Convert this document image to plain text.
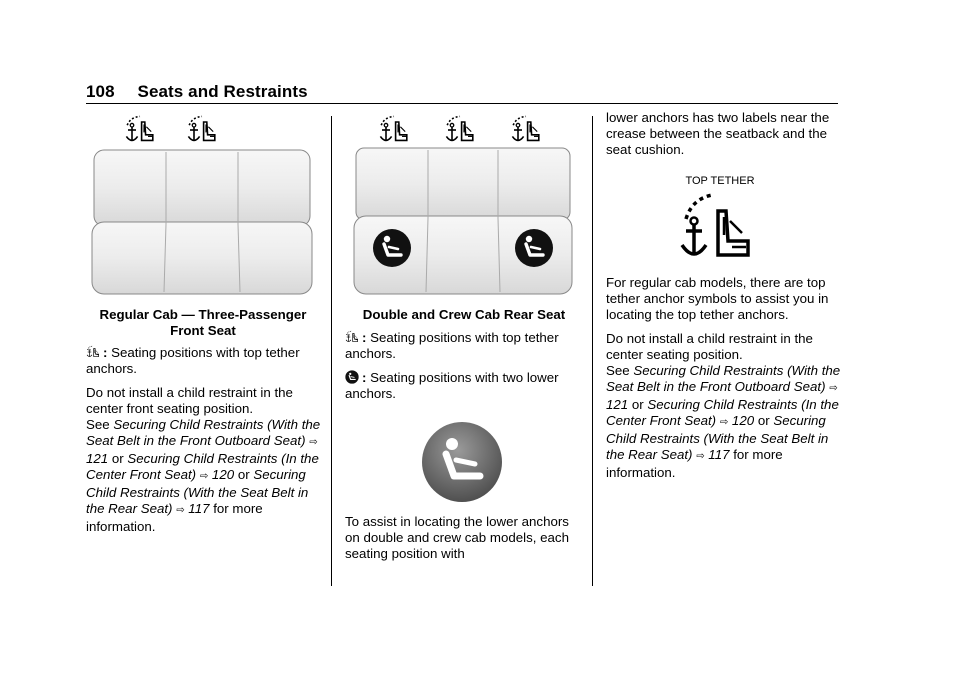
108 Seats and Restraints
Regular Cab — Three-Passenger
Front Seat

: Seating positions with top tether anchors.

Do not install a child restraint in the center front seating position.
See Securing Child Restraints (With the Seat Belt in the Front Outboard Seat) ⇨ 121 or Securing Child Restraints (In the Center Front Seat) ⇨ 120 or Securing Child Restraints (With the Seat Belt in the Rear Seat) ⇨ 117 for more information.

Double and Crew Cab Rear Seat

: Seating positions with top tether anchors.

: Seating positions with two lower anchors.

To assist in locating the lower anchors on double and crew cab models, each seating position with

lower anchors has two labels near the crease between the seatback and the seat cushion.

TOP TETHER

For regular cab models, there are top tether anchor symbols to assist you in locating the top tether anchors.

Do not install a child restraint in the center seating position.
See Securing Child Restraints (With the Seat Belt in the Front Outboard Seat) ⇨ 121 or Securing Child Restraints (In the Center Front Seat) ⇨ 120 or Securing Child Restraints (With the Seat Belt in the Rear Seat) ⇨ 117 for more information.
